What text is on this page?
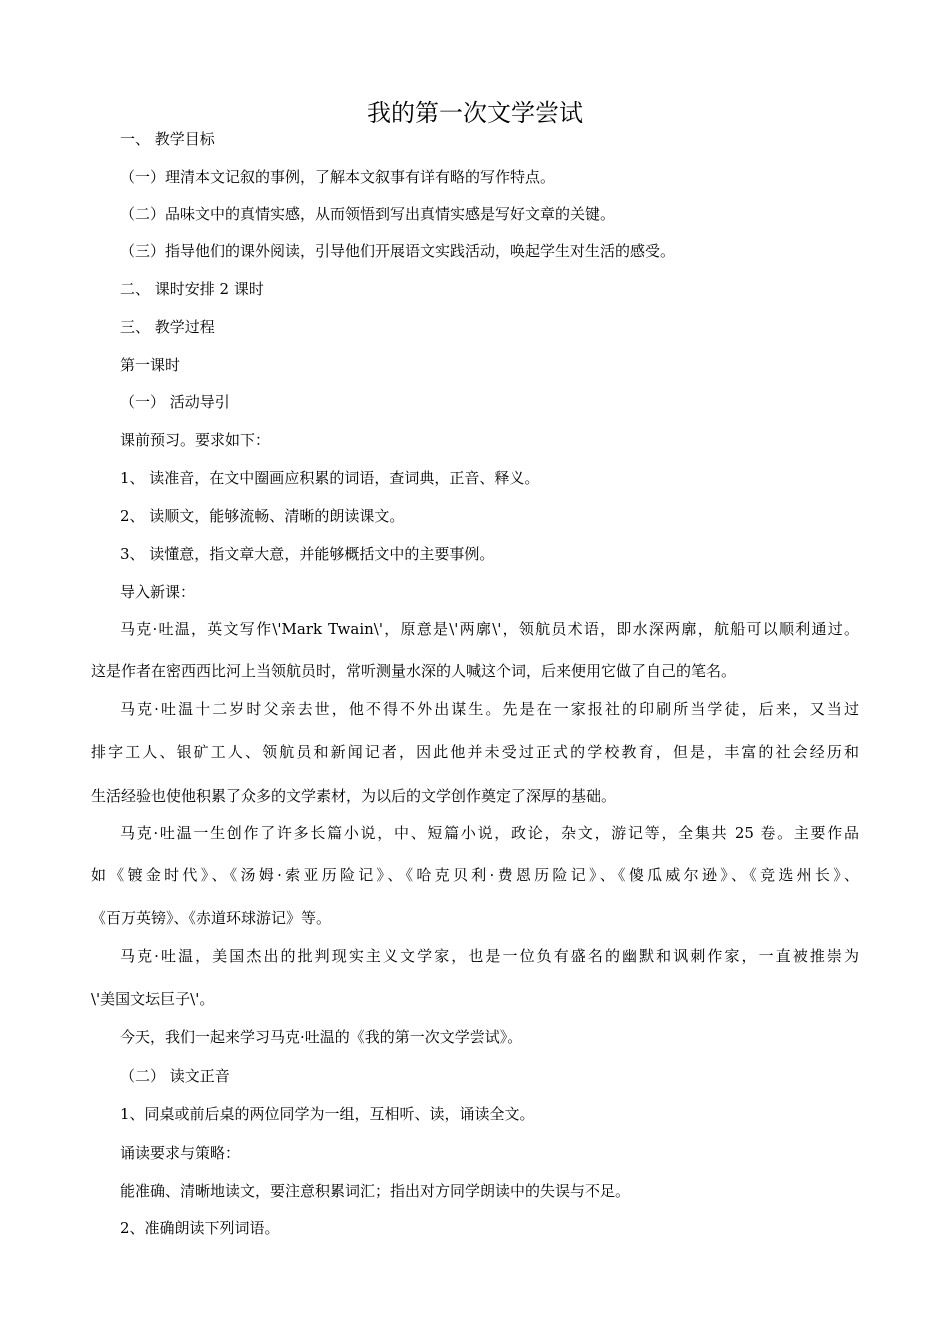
我的第一次文学尝试
一、 教学目标
（一）理清本文记叙的事例，了解本文叙事有详有略的写作特点。
（二）品味文中的真情实感，从而领悟到写出真情实感是写好文章的关键。
（三）指导他们的课外阅读，引导他们开展语文实践活动，唤起学生对生活的感受。
二、 课时安排 2 课时
三、 教学过程
第一课时
（一） 活动导引
课前预习。要求如下：
1、 读准音，在文中圈画应积累的词语，查词典，正音、释义。
2、 读顺文，能够流畅、清晰的朗读课文。
3、 读懂意，指文章大意，并能够概括文中的主要事例。
导入新课：
马克·吐温，英文写作\'Mark Twain\'，原意是\'两廓\'，领航员术语，即水深两廓，航船可以顺利通过。
这是作者在密西西比河上当领航员时，常听测量水深的人喊这个词，后来便用它做了自己的笔名。
马克·吐温十二岁时父亲去世，他不得不外出谋生。先是在一家报社的印刷所当学徒，后来，又当过
排字工人、银矿工人、领航员和新闻记者，因此他并未受过正式的学校教育，但是，丰富的社会经历和
生活经验也使他积累了众多的文学素材，为以后的文学创作奠定了深厚的基础。
马克·吐温一生创作了许多长篇小说，中、短篇小说，政论，杂文，游记等，全集共 25 卷。主要作品
如《镀金时代》、《汤姆·索亚历险记》、《哈克贝利·费恩历险记》、《傻瓜威尔逊》、《竞选州长》、
《百万英镑》、《赤道环球游记》等。
马克·吐温，美国杰出的批判现实主义文学家，也是一位负有盛名的幽默和讽刺作家，一直被推崇为
\'美国文坛巨子\'。
今天，我们一起来学习马克·吐温的《我的第一次文学尝试》。
（二） 读文正音
1、同桌或前后桌的两位同学为一组，互相听、读，诵读全文。
诵读要求与策略：
能准确、清晰地读文，要注意积累词汇；指出对方同学朗读中的失误与不足。
2、准确朗读下列词语。
